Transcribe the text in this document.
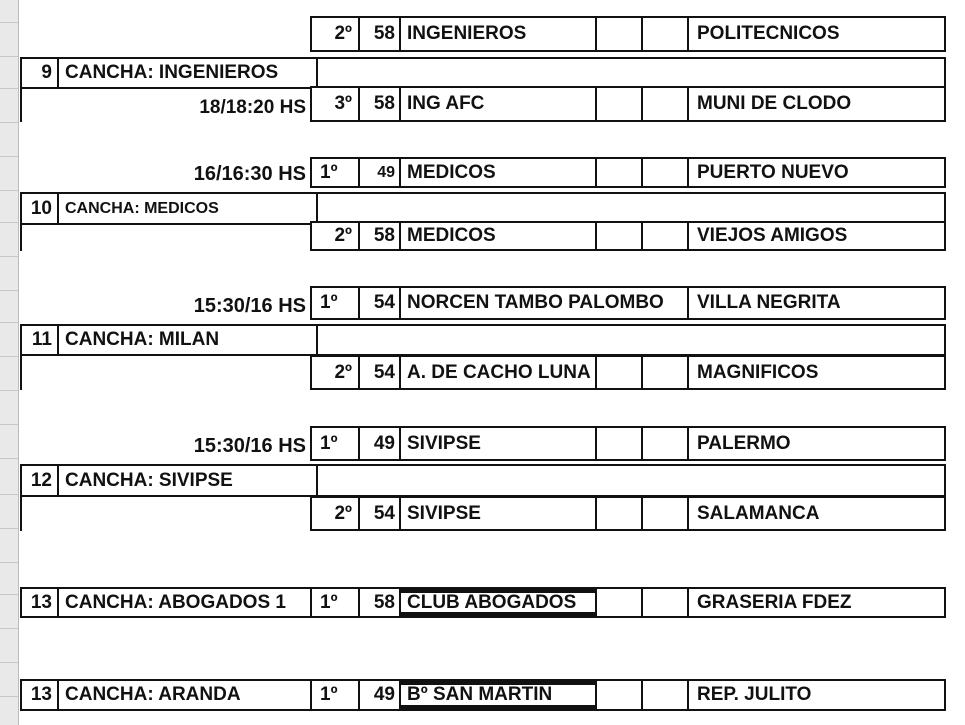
2º	58 INGENIEROS	POLITECNICOS
9 CANCHA: INGENIEROS
18/18:20 HS	3º	58 ING AFC	MUNI DE CLODO
16/16:30 HS 1º	49 MEDICOS	PUERTO NUEVO
10 CANCHA: MEDICOS
2º	58 MEDICOS	VIEJOS AMIGOS
15:30/16 HS 1º	54 NORCEN TAMBO PALOMBO	VILLA NEGRITA
11 CANCHA: MILAN
2º	54 A. DE CACHO LUNA	MAGNIFICOS
15:30/16 HS 1º	49 SIVIPSE	PALERMO
12 CANCHA: SIVIPSE
2º	54 SIVIPSE	SALAMANCA
13 CANCHA: ABOGADOS 1	1º	58 CLUB ABOGADOS	GRASERIA FDEZ
13 CANCHA: ARANDA	1º	49 Bº SAN MARTIN	REP. JULITO
